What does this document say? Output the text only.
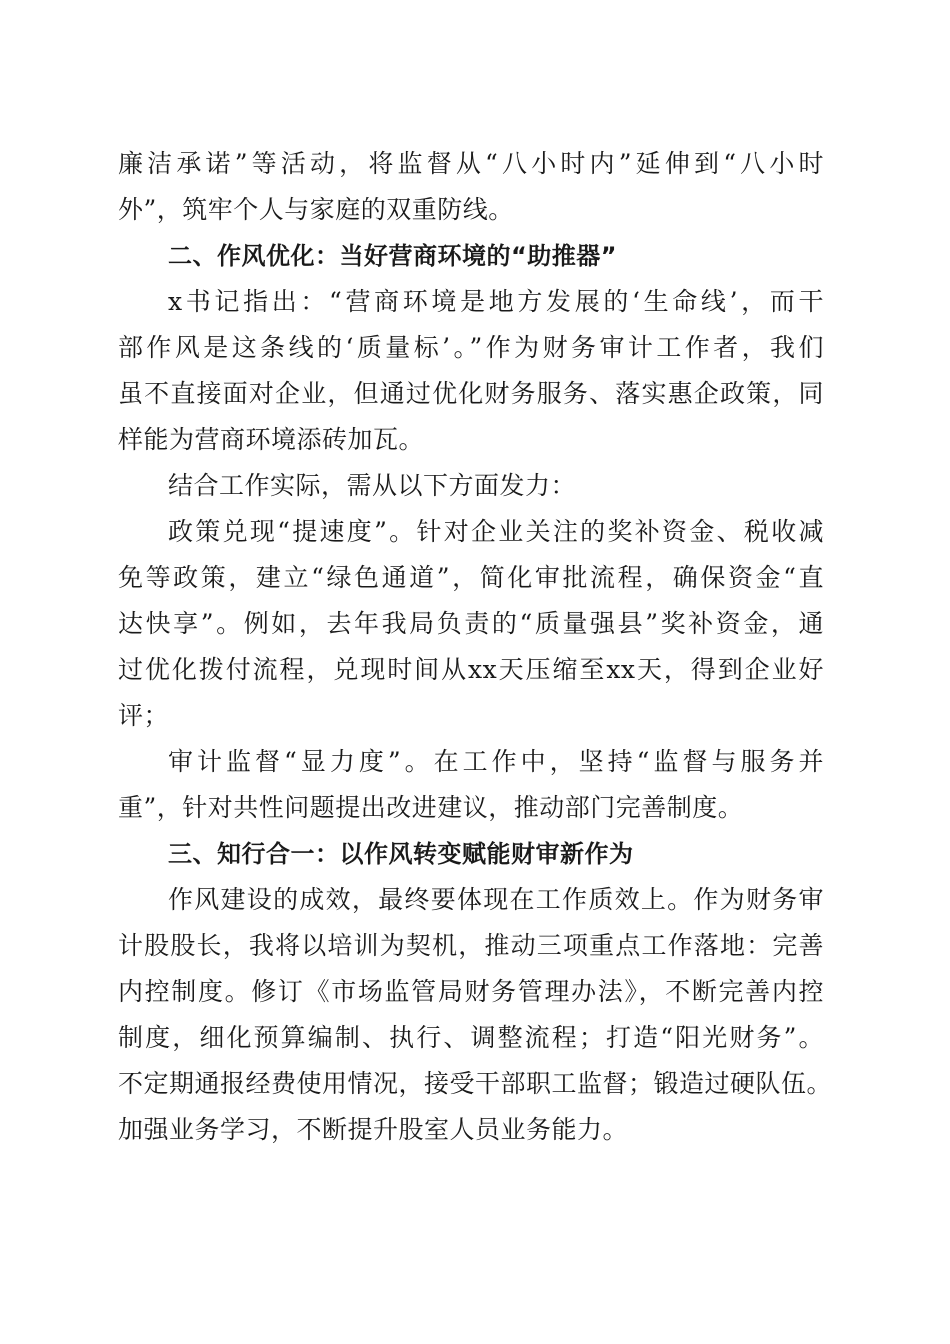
廉洁承诺”等活动，将监督从“八小时内”延伸到“八小时
外”，筑牢个人与家庭的双重防线。
二、作风优化：当好营商环境的“助推器”
x书记指出：“营商环境是地方发展的‘生命线’，而干
部作风是这条线的‘质量标’。”作为财务审计工作者，我们
虽不直接面对企业，但通过优化财务服务、落实惠企政策，同
样能为营商环境添砖加瓦。
结合工作实际，需从以下方面发力：
政策兑现“提速度”。针对企业关注的奖补资金、税收减
免等政策，建立“绿色通道”，简化审批流程，确保资金“直
达快享”。例如，去年我局负责的“质量强县”奖补资金，通
过优化拨付流程，兑现时间从xx天压缩至xx天，得到企业好
评；
审计监督“显力度”。在工作中，坚持“监督与服务并
重”，针对共性问题提出改进建议，推动部门完善制度。
三、知行合一：以作风转变赋能财审新作为
作风建设的成效，最终要体现在工作质效上。作为财务审
计股股长，我将以培训为契机，推动三项重点工作落地：完善
内控制度。修订《市场监管局财务管理办法》，不断完善内控
制度，细化预算编制、执行、调整流程；打造“阳光财务”。
不定期通报经费使用情况，接受干部职工监督；锻造过硬队伍。
加强业务学习，不断提升股室人员业务能力。
